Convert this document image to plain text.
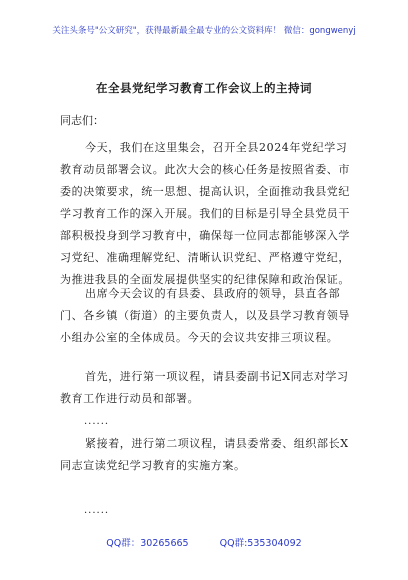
关注头条号"公文研究"，获得最新最全最专业的公文资料库！ 微信：gongwenyj
在全县党纪学习教育工作会议上的主持词
同志们：

今天，我们在这里集会，召开全县2024年党纪学习教育动员部署会议。此次大会的核心任务是按照省委、市委的决策要求，统一思想、提高认识，全面推动我县党纪学习教育工作的深入开展。我们的目标是引导全县党员干部积极投身到学习教育中，确保每一位同志都能够深入学习党纪、准确理解党纪、清晰认识党纪、严格遵守党纪，为推进我县的全面发展提供坚实的纪律保障和政治保证。

出席今天会议的有县委、县政府的领导，县直各部门、各乡镇（街道）的主要负责人，以及县学习教育领导小组办公室的全体成员。今天的会议共安排三项议程。

首先，进行第一项议程，请县委副书记X同志对学习教育工作进行动员和部署。

......

紧接着，进行第二项议程，请县委常委、组织部长X同志宣读党纪学习教育的实施方案。

......
QQ群：30265665	QQ群:535304092
